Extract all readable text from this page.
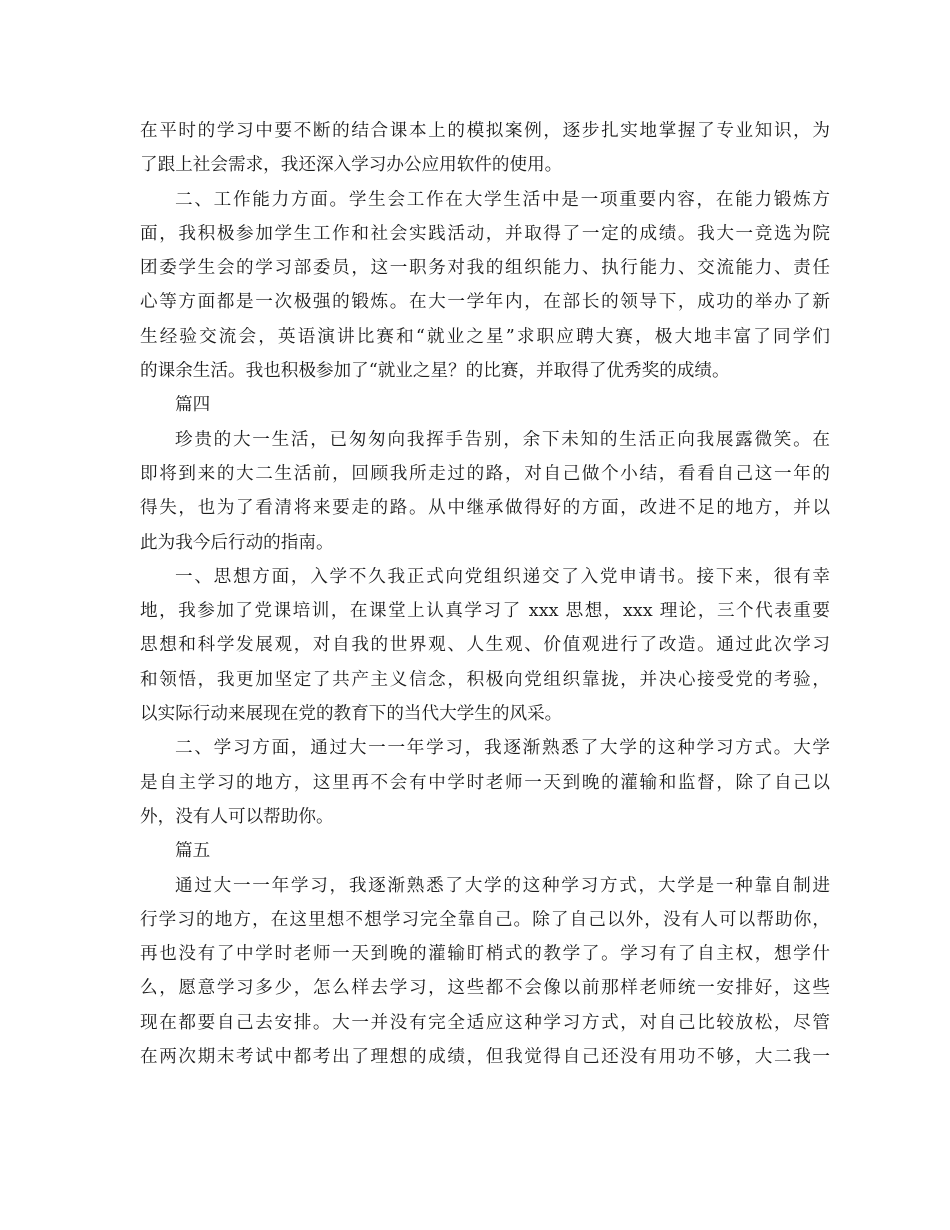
在平时的学习中要不断的结合课本上的模拟案例，逐步扎实地掌握了专业知识，为
了跟上社会需求，我还深入学习办公应用软件的使用。
二、工作能力方面。学生会工作在大学生活中是一项重要内容，在能力锻炼方
面，我积极参加学生工作和社会实践活动，并取得了一定的成绩。我大一竞选为院
团委学生会的学习部委员，这一职务对我的组织能力、执行能力、交流能力、责任
心等方面都是一次极强的锻炼。在大一学年内，在部长的领导下，成功的举办了新
生经验交流会，英语演讲比赛和“就业之星”求职应聘大赛，极大地丰富了同学们
的课余生活。我也积极参加了“就业之星？的比赛，并取得了优秀奖的成绩。
篇四
珍贵的大一生活，已匆匆向我挥手告别，余下未知的生活正向我展露微笑。在
即将到来的大二生活前，回顾我所走过的路，对自己做个小结，看看自己这一年的
得失，也为了看清将来要走的路。从中继承做得好的方面，改进不足的地方，并以
此为我今后行动的指南。
一、思想方面，入学不久我正式向党组织递交了入党申请书。接下来，很有幸
地，我参加了党课培训，在课堂上认真学习了 xxx 思想，xxx 理论，三个代表重要
思想和科学发展观，对自我的世界观、人生观、价值观进行了改造。通过此次学习
和领悟，我更加坚定了共产主义信念，积极向党组织靠拢，并决心接受党的考验，
以实际行动来展现在党的教育下的当代大学生的风采。
二、学习方面，通过大一一年学习，我逐渐熟悉了大学的这种学习方式。大学
是自主学习的地方，这里再不会有中学时老师一天到晚的灌输和监督，除了自己以
外，没有人可以帮助你。
篇五
通过大一一年学习，我逐渐熟悉了大学的这种学习方式，大学是一种靠自制进
行学习的地方，在这里想不想学习完全靠自己。除了自己以外，没有人可以帮助你，
再也没有了中学时老师一天到晚的灌输盯梢式的教学了。学习有了自主权，想学什
么，愿意学习多少，怎么样去学习，这些都不会像以前那样老师统一安排好，这些
现在都要自己去安排。大一并没有完全适应这种学习方式，对自己比较放松，尽管
在两次期末考试中都考出了理想的成绩，但我觉得自己还没有用功不够，大二我一
